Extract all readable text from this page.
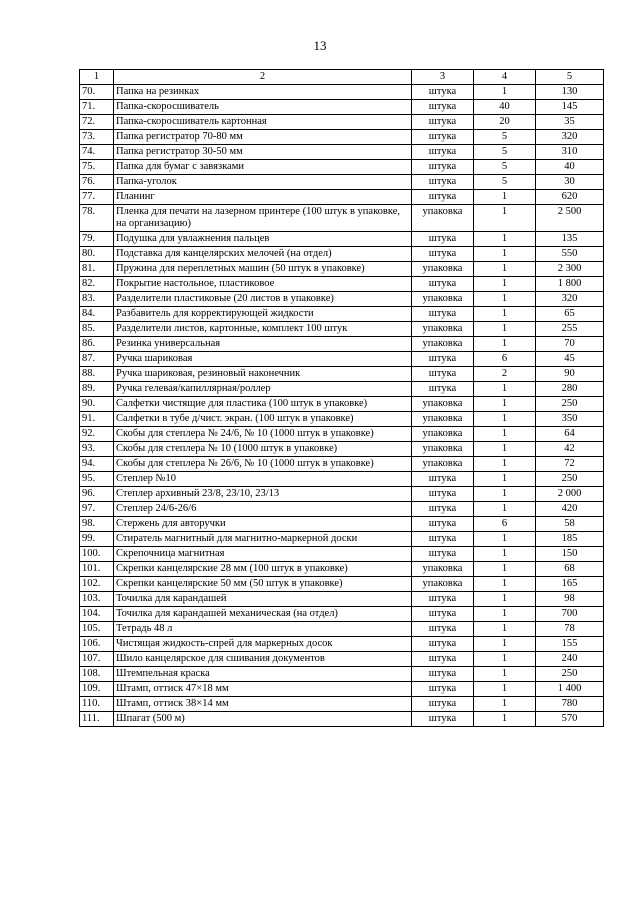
13
1	2	3	4	5
70.	Папка на резинках	штука	1	130
71.	Папка-скоросшиватель	штука	40	145
72.	Папка-скоросшиватель картонная	штука	20	35
73.	Папка регистратор 70-80 мм	штука	5	320
74.	Папка регистратор 30-50 мм	штука	5	310
75.	Папка для бумаг с завязками	штука	5	40
76.	Папка-уголок	штука	5	30
77.	Планинг	штука	1	620
78.	Пленка для печати на лазерном принтере (100 штук в упаковке, на организацию)	упаковка	1	2 500
79.	Подушка для увлажнения пальцев	штука	1	135
80.	Подставка для канцелярских мелочей (на отдел)	штука	1	550
81.	Пружина для переплетных машин (50 штук в упаковке)	упаковка	1	2 300
82.	Покрытие настольное, пластиковое	штука	1	1 800
83.	Разделители пластиковые (20 листов в упаковке)	упаковка	1	320
84.	Разбавитель для корректирующей жидкости	штука	1	65
85.	Разделители листов, картонные, комплект 100 штук	упаковка	1	255
86.	Резинка универсальная	упаковка	1	70
87.	Ручка шариковая	штука	6	45
88.	Ручка шариковая, резиновый наконечник	штука	2	90
89.	Ручка гелевая/капиллярная/роллер	штука	1	280
90.	Салфетки чистящие для пластика (100 штук в упаковке)	упаковка	1	250
91.	Салфетки в тубе д/чист. экран. (100 штук в упаковке)	упаковка	1	350
92.	Скобы для степлера № 24/6, № 10 (1000 штук в упаковке)	упаковка	1	64
93.	Скобы для степлера № 10 (1000 штук в упаковке)	упаковка	1	42
94.	Скобы для степлера № 26/6, № 10 (1000 штук в упаковке)	упаковка	1	72
95.	Степлер №10	штука	1	250
96.	Степлер архивный 23/8, 23/10, 23/13	штука	1	2 000
97.	Степлер 24/6-26/6	штука	1	420
98.	Стержень для авторучки	штука	6	58
99.	Стиратель магнитный для магнитно-маркерной доски	штука	1	185
100.	Скрепочница магнитная	штука	1	150
101.	Скрепки канцелярские 28 мм (100 штук в упаковке)	упаковка	1	68
102.	Скрепки канцелярские 50 мм (50 штук в упаковке)	упаковка	1	165
103.	Точилка для карандашей	штука	1	98
104.	Точилка для карандашей механическая (на отдел)	штука	1	700
105.	Тетрадь 48 л	штука	1	78
106.	Чистящая жидкость-спрей для маркерных досок	штука	1	155
107.	Шило канцелярское для сшивания документов	штука	1	240
108.	Штемпельная краска	штука	1	250
109.	Штамп, оттиск 47×18 мм	штука	1	1 400
110.	Штамп, оттиск 38×14 мм	штука	1	780
111.	Шпагат (500 м)	штука	1	570
